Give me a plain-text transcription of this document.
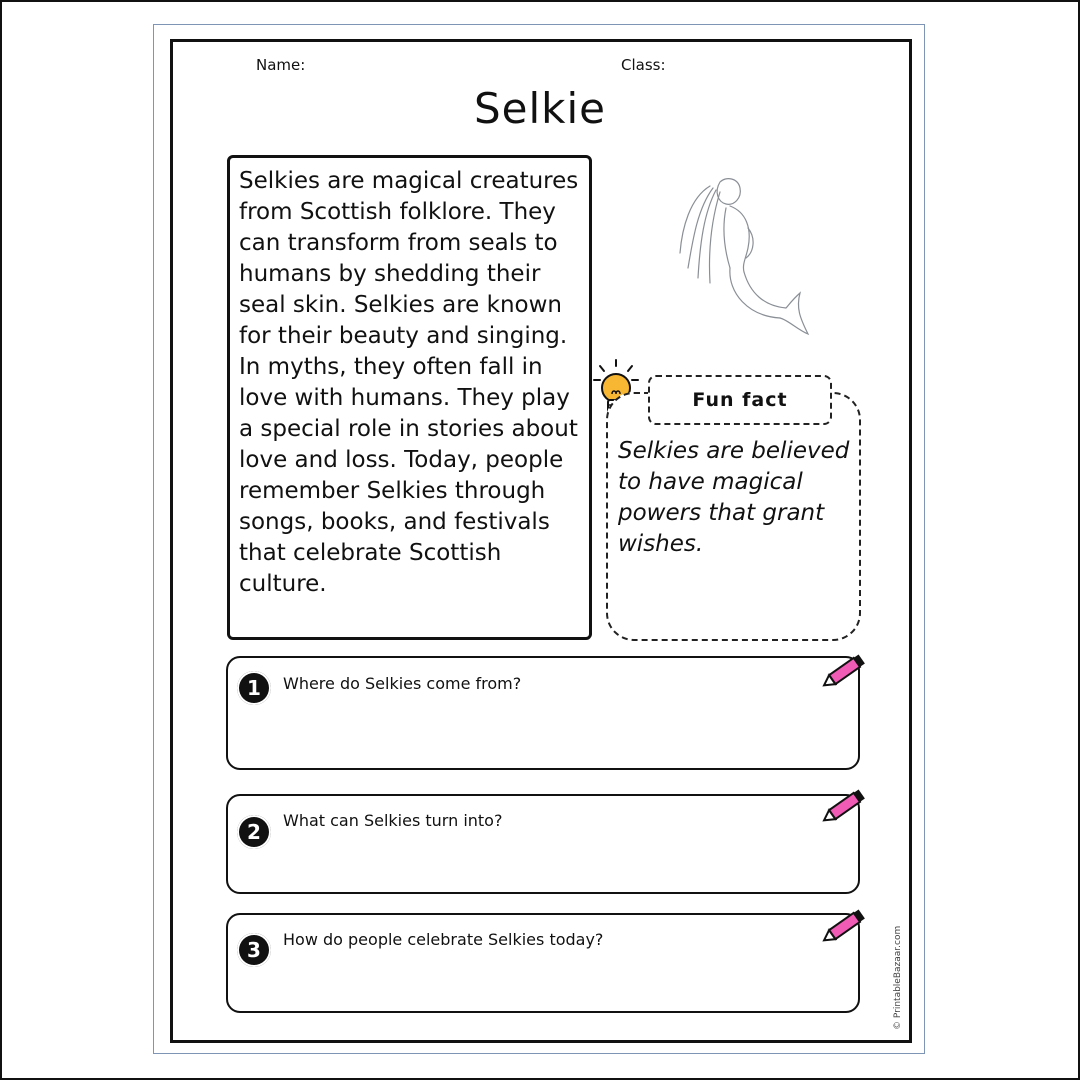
Name:	Class:
Selkie

Selkies are magical creatures from Scottish folklore. They can transform from seals to humans by shedding their seal skin. Selkies are known for their beauty and singing. In myths, they often fall in love with humans. They play a special role in stories about love and loss. Today, people remember Selkies through songs, books, and festivals that celebrate Scottish culture.

Fun fact
Selkies are believed to have magical powers that grant wishes.
1	Where do Selkies come from?
2	What can Selkies turn into?
3	How do people celebrate Selkies today?	© PrintableBazaar.com
